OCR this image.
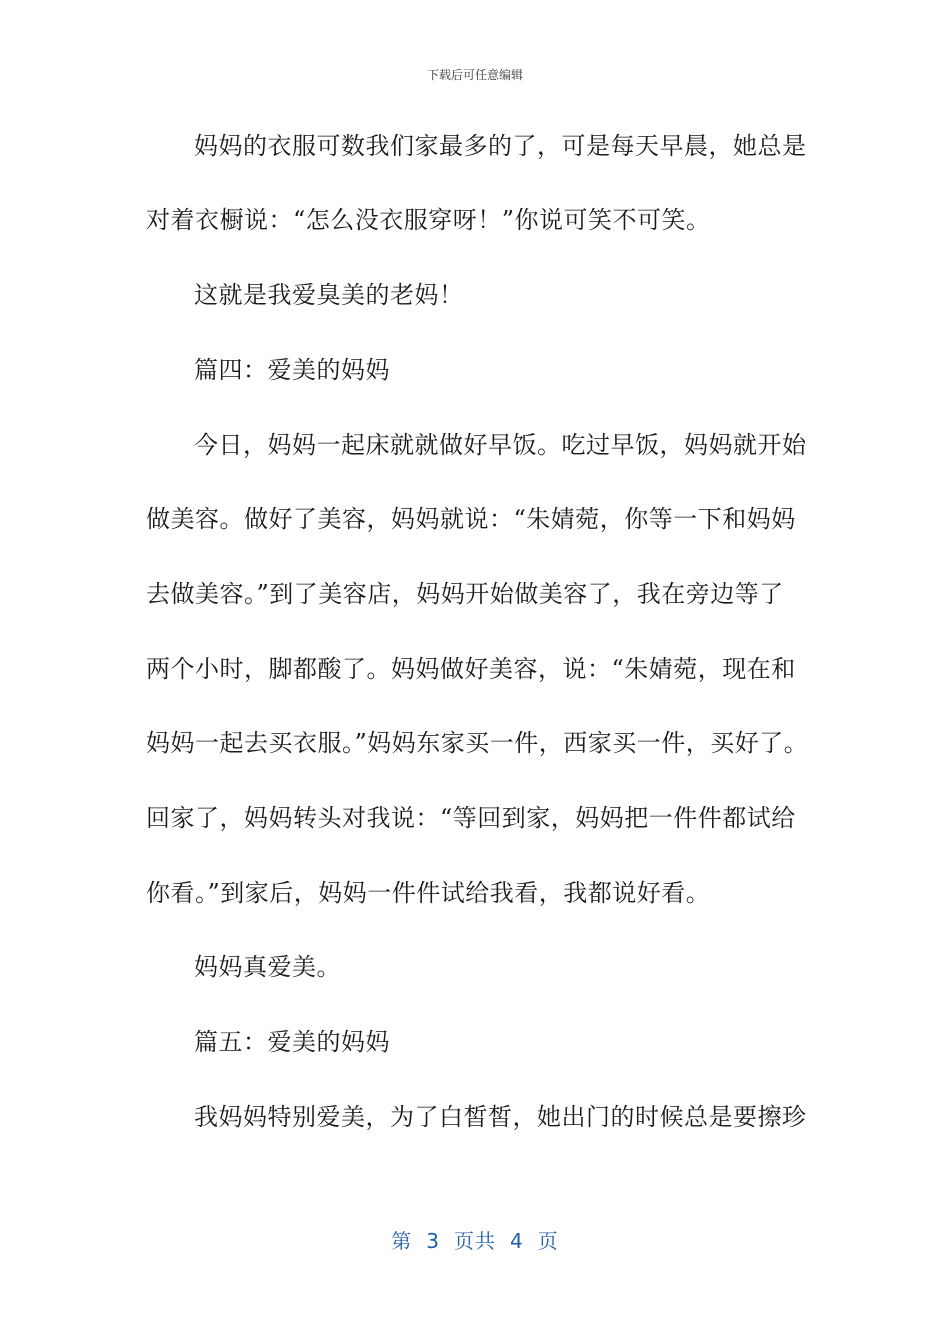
下载后可任意编辑
妈妈的衣服可数我们家最多的了，可是每天早晨，她总是
对着衣橱说：“怎么没衣服穿呀！”你说可笑不可笑。
这就是我爱臭美的老妈！
篇四：爱美的妈妈
今日，妈妈一起床就就做好早饭。吃过早饭，妈妈就开始
做美容。做好了美容，妈妈就说：“朱婧菀，你等一下和妈妈
去做美容。”到了美容店，妈妈开始做美容了，我在旁边等了
两个小时，脚都酸了。妈妈做好美容，说：“朱婧菀，现在和
妈妈一起去买衣服。”妈妈东家买一件，西家买一件，买好了。
回家了，妈妈转头对我说：“等回到家，妈妈把一件件都试给
你看。”到家后，妈妈一件件试给我看，我都说好看。
妈妈真爱美。
篇五：爱美的妈妈
我妈妈特别爱美，为了白皙皙，她出门的时候总是要擦珍
第 3 页共 4 页
